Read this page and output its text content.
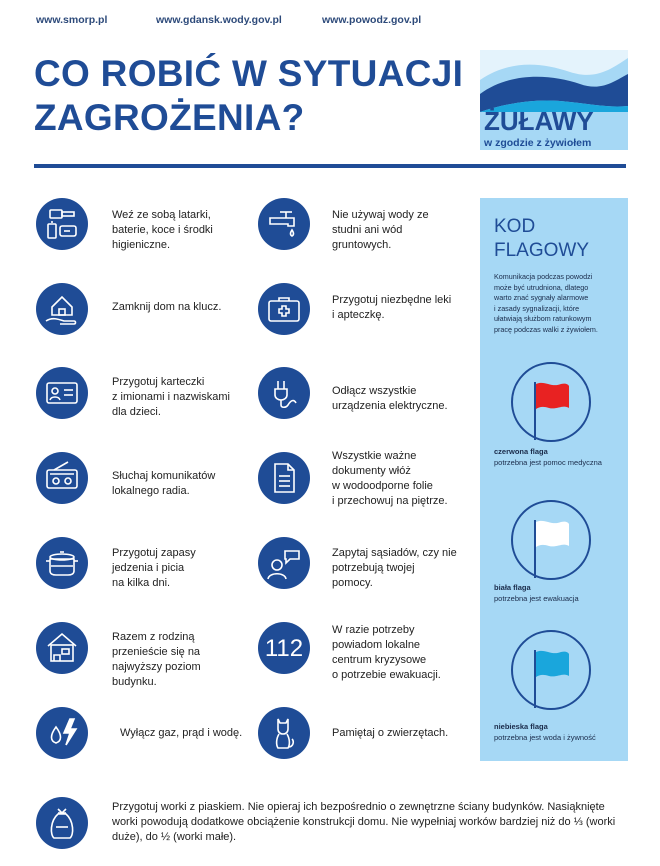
www.smorp.pl	www.gdansk.wody.gov.pl	www.powodz.gov.pl
CO ROBIĆ W SYTUACJI
ZAGROŻENIA?	ŻUŁAWY
w zgodzie z żywiołem
Weź ze sobą latarki,
baterie, koce i środki
higieniczne.
Zamknij dom na klucz.
Przygotuj karteczki
z imionami i nazwiskami
dla dzieci.
Słuchaj komunikatów
lokalnego radia.
Przygotuj zapasy
jedzenia i picia
na kilka dni.
Razem z rodziną
przenieście się na
najwyższy poziom
budynku.
Wyłącz gaz, prąd i wodę.
Nie używaj wody ze
studni ani wód
gruntowych.
Przygotuj niezbędne leki
i apteczkę.
Odłącz wszystkie
urządzenia elektryczne.
Wszystkie ważne
dokumenty włóż
w wodoodporne folie
i przechowuj na piętrze.
Zapytaj sąsiadów, czy nie
potrzebują twojej
pomocy.
112
W razie potrzeby
powiadom lokalne
centrum kryzysowe
o potrzebie ewakuacji.
Pamiętaj o zwierzętach.
KOD
FLAGOWY
Komunikacja podczas powodzi
może być utrudniona, dlatego
warto znać sygnały alarmowe
i zasady sygnalizacji, które
ułatwiają służbom ratunkowym
pracę podczas walki z żywiołem.
czerwona flaga
potrzebna jest pomoc medyczna
biała flaga
potrzebna jest ewakuacja
niebieska flaga
potrzebna jest woda i żywność
Przygotuj worki z piaskiem. Nie opieraj ich bezpośrednio o zewnętrzne ściany budynków. Nasiąknięte worki powodują dodatkowe obciążenie konstrukcji domu. Nie wypełniaj worków bardziej niż do ⅓ (worki duże), do ½ (worki małe).
